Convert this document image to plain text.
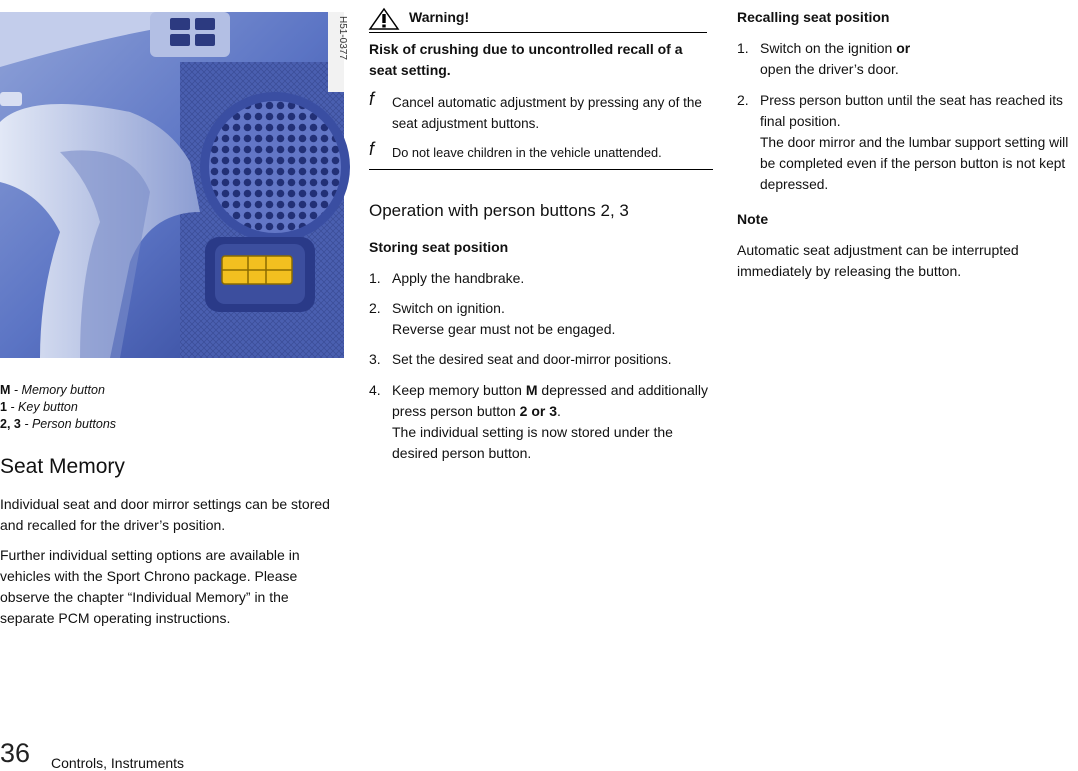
H51-0377
M - Memory button
1 - Key button
2, 3 - Person buttons
Seat Memory

Individual seat and door mirror settings can be stored and recalled for the driver’s position.

Further individual setting options are available in vehicles with the Sport Chrono package. Please observe the chapter “Individual Memory” in the separate PCM operating instructions.

Warning!

Risk of crushing due to uncontrolled recall of a seat setting.

f Cancel automatic adjustment by pressing any of the seat adjustment buttons.
f Do not leave children in the vehicle unattended.
Operation with person buttons 2, 3
Storing seat position
1. Apply the handbrake.
2. Switch on ignition.
Reverse gear must not be engaged.
3. Set the desired seat and door-mirror positions.
4. Keep memory button M depressed and additionally press person button 2 or 3.
The individual setting is now stored under the desired person button.
Recalling seat position
1. Switch on the ignition or
open the driver’s door.
2. Press person button until the seat has reached its final position.
The door mirror and the lumbar support setting will be completed even if the person button is not kept depressed.
Note

Automatic seat adjustment can be interrupted immediately by releasing the button.

36 Controls, Instruments
